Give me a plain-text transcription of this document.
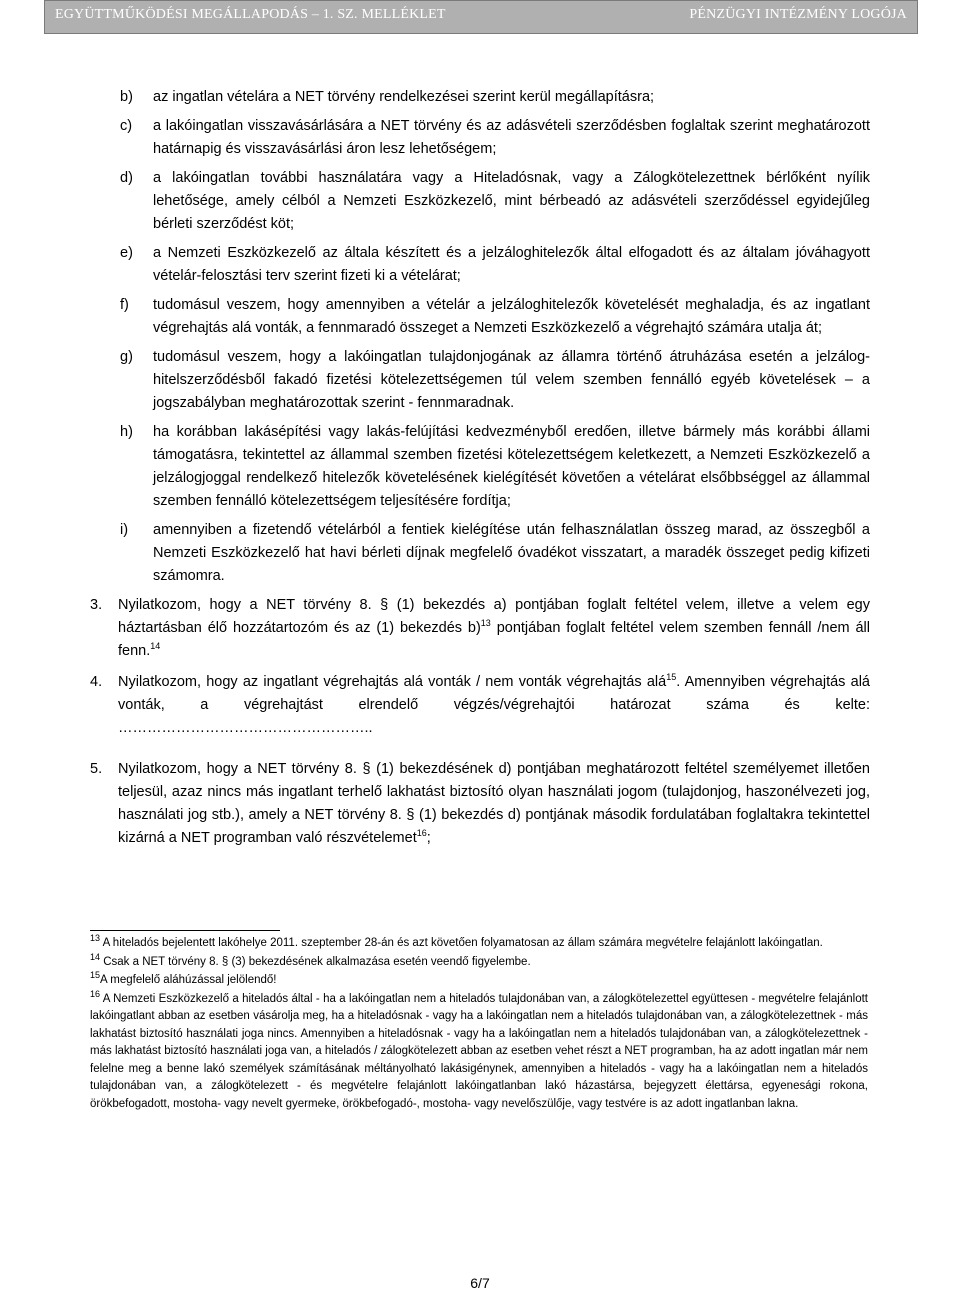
EGYÜTTMŰKÖDÉSI MEGÁLLAPODÁS – 1. SZ. MELLÉKLET	PÉNZÜGYI INTÉZMÉNY LOGÓJA
b)	az ingatlan vételára a NET törvény rendelkezései szerint kerül megállapításra;
c)	a lakóingatlan visszavásárlására a NET törvény és az adásvételi szerződésben foglaltak szerint meghatározott határnapig és visszavásárlási áron lesz lehetőségem;
d)	a lakóingatlan további használatára vagy a Hiteladósnak, vagy a Zálogkötelezettnek bérlőként nyílik lehetősége, amely célból a Nemzeti Eszközkezelő, mint bérbeadó az adásvételi szerződéssel egyidejűleg bérleti szerződést köt;
e)	a Nemzeti Eszközkezelő az általa készített és a jelzáloghitelezők által elfogadott és az általam jóváhagyott vételár-felosztási terv szerint fizeti ki a vételárat;
f)	tudomásul veszem, hogy amennyiben a vételár a jelzáloghitelezők követelését meghaladja, és az ingatlant végrehajtás alá vonták, a fennmaradó összeget a Nemzeti Eszközkezelő a végrehajtó számára utalja át;
g)	tudomásul veszem, hogy a lakóingatlan tulajdonjogának az államra történő átruházása esetén a jelzálog-hitelszerződésből fakadó fizetési kötelezettségemen túl velem szemben fennálló egyéb követelések – a jogszabályban meghatározottak szerint - fennmaradnak.
h)	ha korábban lakásépítési vagy lakás-felújítási kedvezményből eredően, illetve bármely más korábbi állami támogatásra, tekintettel az állammal szemben fizetési kötelezettségem keletkezett, a Nemzeti Eszközkezelő a jelzálogjoggal rendelkező hitelezők követelésének kielégítését követően a vételárat elsőbbséggel az állammal szemben fennálló kötelezettségem teljesítésére fordítja;
i)	amennyiben a fizetendő vételárból a fentiek kielégítése után felhasználatlan összeg marad, az összegből a Nemzeti Eszközkezelő hat havi bérleti díjnak megfelelő óvadékot visszatart, a maradék összeget pedig kifizeti számomra.
3.	Nyilatkozom, hogy a NET törvény 8. § (1) bekezdés a) pontjában foglalt feltétel velem, illetve a velem egy háztartásban élő hozzátartozóm és az (1) bekezdés b)$^{13}$ pontjában foglalt feltétel velem szemben fennáll /nem áll fenn.$^{14}$
4.	Nyilatkozom, hogy az ingatlant végrehajtás alá vonták / nem vonták végrehajtás alá$^{15}$. Amennyiben végrehajtás alá vonták, a végrehajtást elrendelő végzés/végrehajtói határozat száma és kelte: ……………………………………………..
5.	Nyilatkozom, hogy a NET törvény 8. § (1) bekezdésének d) pontjában meghatározott feltétel személyemet illetően teljesül, azaz nincs más ingatlant terhelő lakhatást biztosító olyan használati jogom (tulajdonjog, haszonélvezeti jog, használati jog stb.), amely a NET törvény 8. § (1) bekezdés d) pontjának második fordulatában foglaltakra tekintettel kizárná a NET programban való részvételemet$^{16}$;
$^{13}$ A hiteladós bejelentett lakóhelye 2011. szeptember 28-án és azt követően folyamatosan az állam számára megvételre felajánlott lakóingatlan.
$^{14}$ Csak a NET törvény 8. § (3) bekezdésének alkalmazása esetén veendő figyelembe.
$^{15}$A megfelelő aláhúzással jelölendő!
$^{16}$ A Nemzeti Eszközkezelő a hiteladós által - ha a lakóingatlan nem a hiteladós tulajdonában van, a zálogkötelezettel együttesen - megvételre felajánlott lakóingatlant abban az esetben vásárolja meg, ha a hiteladósnak - vagy ha a lakóingatlan nem a hiteladós tulajdonában van, a zálogkötelezettnek - más lakhatást biztosító használati joga nincs. Amennyiben a hiteladósnak - vagy ha a lakóingatlan nem a hiteladós tulajdonában van, a zálogkötelezettnek - más lakhatást biztosító használati joga van, a hiteladós / zálogkötelezett abban az esetben vehet részt a NET programban, ha az adott ingatlan már nem felelne meg a benne lakó személyek számításának méltányolható lakásigénynek, amennyiben a hiteladós - vagy ha a lakóingatlan nem a hiteladós tulajdonában van, a zálogkötelezett - és megvételre felajánlott lakóingatlanban lakó házastársa, bejegyzett élettársa, egyenesági rokona, örökbefogadott, mostoha- vagy nevelt gyermeke, örökbefogadó-, mostoha- vagy nevelőszülője, vagy testvére is az adott ingatlanban lakna.
6/7
